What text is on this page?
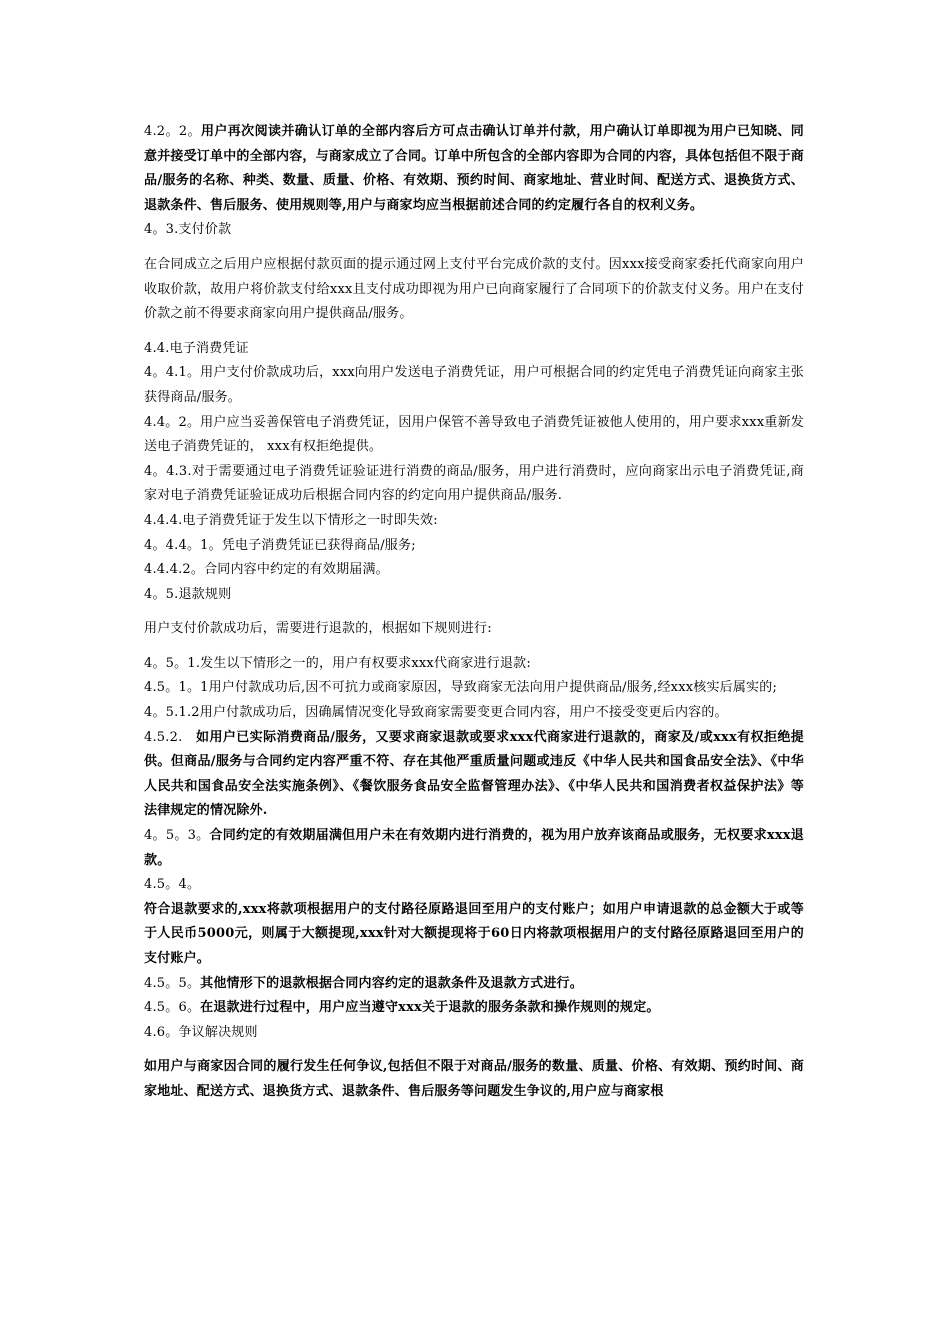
4.2。2。用户再次阅读并确认订单的全部内容后方可点击确认订单并付款，用户确认订单即视为用户已知晓、同意并接受订单中的全部内容，与商家成立了合同。订单中所包含的全部内容即为合同的内容，具体包括但不限于商品/服务的名称、种类、数量、质量、价格、有效期、预约时间、商家地址、营业时间、配送方式、退换货方式、退款条件、售后服务、使用规则等,用户与商家均应当根据前述合同的约定履行各自的权利义务。

4。3.支付价款

在合同成立之后用户应根据付款页面的提示通过网上支付平台完成价款的支付。因xxx接受商家委托代商家向用户收取价款，故用户将价款支付给xxx且支付成功即视为用户已向商家履行了合同项下的价款支付义务。用户在支付价款之前不得要求商家向用户提供商品/服务。

4.4.电子消费凭证

4。4.1。用户支付价款成功后，xxx向用户发送电子消费凭证，用户可根据合同的约定凭电子消费凭证向商家主张获得商品/服务。

4.4。2。用户应当妥善保管电子消费凭证，因用户保管不善导致电子消费凭证被他人使用的，用户要求xxx重新发送电子消费凭证的， xxx有权拒绝提供。

4。4.3.对于需要通过电子消费凭证验证进行消费的商品/服务，用户进行消费时，应向商家出示电子消费凭证,商家对电子消费凭证验证成功后根据合同内容的约定向用户提供商品/服务.

4.4.4.电子消费凭证于发生以下情形之一时即失效:

4。4.4。1。凭电子消费凭证已获得商品/服务;

4.4.4.2。合同内容中约定的有效期届满。

4。5.退款规则

用户支付价款成功后，需要进行退款的，根据如下规则进行:

4。5。1.发生以下情形之一的，用户有权要求xxx代商家进行退款:

4.5。1。1用户付款成功后,因不可抗力或商家原因，导致商家无法向用户提供商品/服务,经xxx核实后属实的;

4。5.1.2用户付款成功后，因确属情况变化导致商家需要变更合同内容，用户不接受变更后内容的。

4.5.2. 如用户已实际消费商品/服务，又要求商家退款或要求xxx代商家进行退款的，商家及/或xxx有权拒绝提供。但商品/服务与合同约定内容严重不符、存在其他严重质量问题或违反《中华人民共和国食品安全法》、《中华人民共和国食品安全法实施条例》、《餐饮服务食品安全监督管理办法》、《中华人民共和国消费者权益保护法》等法律规定的情况除外.

4。5。3。合同约定的有效期届满但用户未在有效期内进行消费的，视为用户放弃该商品或服务，无权要求xxx退款。

4.5。4。

符合退款要求的,xxx将款项根据用户的支付路径原路退回至用户的支付账户；如用户申请退款的总金额大于或等于人民币5000元，则属于大额提现,xxx针对大额提现将于60日内将款项根据用户的支付路径原路退回至用户的支付账户。

4.5。5。其他情形下的退款根据合同内容约定的退款条件及退款方式进行。

4.5。6。在退款进行过程中，用户应当遵守xxx关于退款的服务条款和操作规则的规定。

4.6。争议解决规则

如用户与商家因合同的履行发生任何争议,包括但不限于对商品/服务的数量、质量、价格、有效期、预约时间、商家地址、配送方式、退换货方式、退款条件、售后服务等问题发生争议的,用户应与商家根
